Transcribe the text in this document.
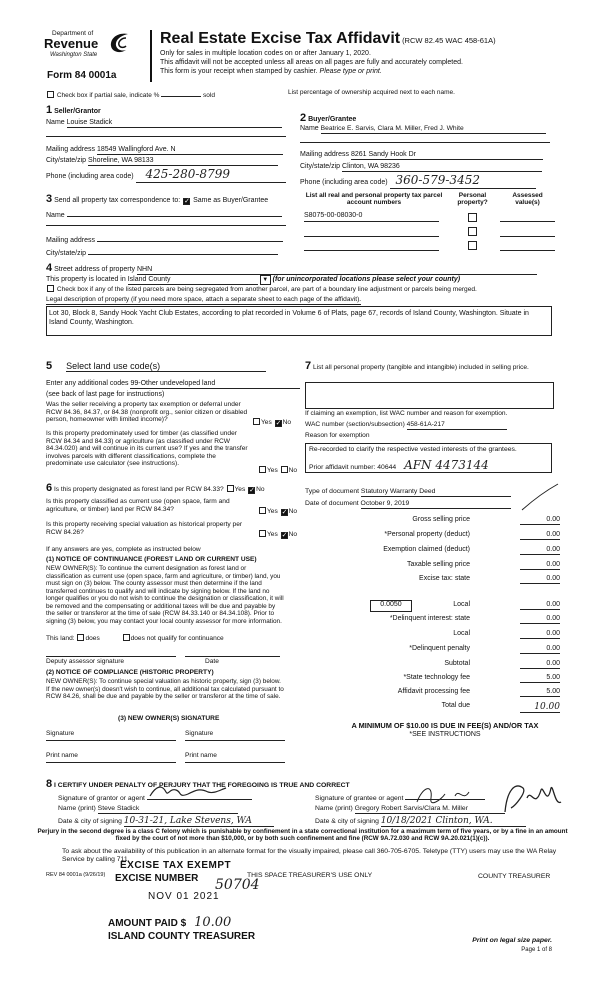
Department of
Revenue
Washington State
Form 84 0001a
Real Estate Excise Tax Affidavit (RCW 82.45 WAC 458-61A)
Only for sales in multiple location codes on or after January 1, 2020.
This affidavit will not be accepted unless all areas on all pages are fully and accurately completed.
This form is your receipt when stamped by cashier. Please type or print.
Check box if partial sale, indicate %	sold	List percentage of ownership acquired next to each name.
1 Seller/Grantor
Name Louise Stadick
Mailing address 18549 Wallingford Ave. N
City/state/zip Shoreline, WA 98133
Phone (including area code) 425-280-8799
2 Buyer/Grantee
Name Beatrice E. Sarvis, Clara M. Miller, Fred J. White
Mailing address 8261 Sandy Hook Dr
City/state/zip Clinton, WA 98236
Phone (including area code) 360-579-3452
3 Send all property tax correspondence to: ✓ Same as Buyer/Grantee
Name
Mailing address
City/state/zip
List all real and personal property tax parcel account numbers
Personal property?
Assessed value(s)
S8075-00-08030-0
4 Street address of property NHN
This property is located in Island County	▼ (for unincorporated locations please select your county)
Check box if any of the listed parcels are being segregated from another parcel, are part of a boundary line adjustment or parcels being merged.
Legal description of property (if you need more space, attach a separate sheet to each page of the affidavit).
Lot 30, Block 8, Sandy Hook Yacht Club Estates, according to plat recorded in Volume 6 of Plats, page 67, records of Island County, Washington. Situate in Island County, Washington.
5 Select land use code(s)
Enter any additional codes 99-Other undeveloped land
(see back of last page for instructions)
Was the seller receiving a property tax exemption or deferral under RCW 84.36, 84.37, or 84.38 (nonprofit org., senior citizen or disabled person, homeowner with limited income)?	Yes ✓No
Is this property predominately used for timber (as classified under RCW 84.34 and 84.33) or agriculture (as classified under RCW 84.34.020) and will continue in its current use? If yes and the transfer involves parcels with different classifications, complete the predominate use calculator (see instructions).
Yes No
6 Is this property designated as forest land per RCW 84.33? Yes ✓No
Is this property classified as current use (open space, farm and agriculture, or timber) land per RCW 84.34?	Yes ✓No
Is this property receiving special valuation as historical property per RCW 84.26?	Yes ✓No
If any answers are yes, complete as instructed below
(1) NOTICE OF CONTINUANCE (FOREST LAND OR CURRENT USE)
NEW OWNER(S): To continue the current designation as forest land or classification as current use (open space, farm and agriculture, or timber) land, you must sign on (3) below. The county assessor must then determine if the land transferred continues to qualify and will indicate by signing below. If the land no longer qualifies or you do not wish to continue the designation or classification, it will be removed and the compensating or additional taxes will be due and payable by the seller or transferor at the time of sale (RCW 84.33.140 or 84.34.108). Prior to signing (3) below, you may contact your local county assessor for more information.
This land: does	does not qualify for continuance
Deputy assessor signature	Date
(2) NOTICE OF COMPLIANCE (HISTORIC PROPERTY)
NEW OWNER(S): To continue special valuation as historic property, sign (3) below. If the new owner(s) doesn't wish to continue, all additional tax calculated pursuant to RCW 84.26, shall be due and payable by the seller or transferor at the time of sale.
(3) NEW OWNER(S) SIGNATURE
Signature	Signature
Print name	Print name
7 List all personal property (tangible and intangible) included in selling price.
If claiming an exemption, list WAC number and reason for exemption.
WAC number (section/subsection) 458-61A-217
Reason for exemption
Re-recorded to clarify the respective vested interests of the grantees.
Prior affidavit number: 40644 AFN 4473144
Type of document Statutory Warranty Deed
Date of document October 9, 2019
Gross selling price	0.00
*Personal property (deduct)	0.00
Exemption claimed (deduct)	0.00
Taxable selling price	0.00
Excise tax: state	0.00
0.0050	Local	0.00
*Delinquent interest: state	0.00
Local	0.00
*Delinquent penalty	0.00
Subtotal	0.00
*State technology fee	5.00
Affidavit processing fee	5.00
Total due	10.00
A MINIMUM OF $10.00 IS DUE IN FEE(S) AND/OR TAX
*SEE INSTRUCTIONS
8 I CERTIFY UNDER PENALTY OF PERJURY THAT THE FOREGOING IS TRUE AND CORRECT
Signature of grantor or agent
Name (print) Steve Stadick
Date & city of signing 10-31-21, Lake Stevens, WA
Signature of grantee or agent
Name (print) Gregory Robert Sarvis/Clara M. Miller
Date & city of signing 10/18/2021 Clinton, WA.
Perjury in the second degree is a class C felony which is punishable by confinement in a state correctional institution for a maximum term of five years, or by a fine in an amount fixed by the court of not more than $10,000, or by both such confinement and fine (RCW 9A.72.030 and RCW 9A.20.021(1)(c)).
To ask about the availability of this publication in an alternate format for the visually impaired, please call 360-705-6705. Teletype (TTY) users may use the WA Relay Service by calling 711.
REV 84 0001a (9/26/19)	THIS SPACE TREASURER'S USE ONLY	COUNTY TREASURER
EXCISE TAX EXEMPT
EXCISE NUMBER 50704
NOV 01 2021
AMOUNT PAID $ 10.00
ISLAND COUNTY TREASURER	Print on legal size paper.
Page 1 of 8
